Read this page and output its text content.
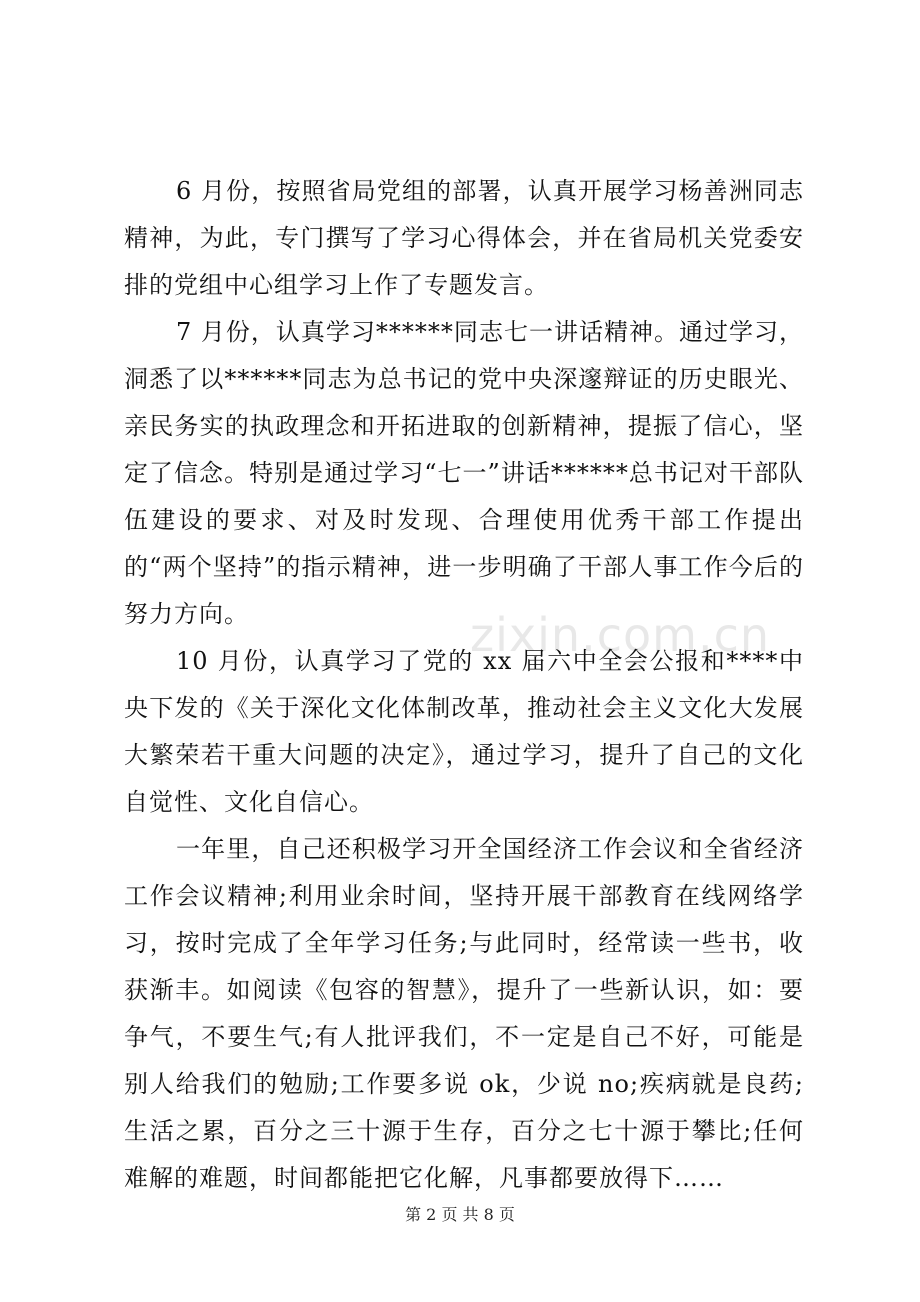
zixin.com.cn

6 月份，按照省局党组的部署，认真开展学习杨善洲同志精神，为此，专门撰写了学习心得体会，并在省局机关党委安排的党组中心组学习上作了专题发言。

7 月份，认真学习******同志七一讲话精神。通过学习，洞悉了以******同志为总书记的党中央深邃辩证的历史眼光、亲民务实的执政理念和开拓进取的创新精神，提振了信心，坚定了信念。特别是通过学习“七一”讲话******总书记对干部队伍建设的要求、对及时发现、合理使用优秀干部工作提出的“两个坚持”的指示精神，进一步明确了干部人事工作今后的努力方向。

10 月份，认真学习了党的 xx 届六中全会公报和****中央下发的《关于深化文化体制改革，推动社会主义文化大发展大繁荣若干重大问题的决定》，通过学习，提升了自己的文化自觉性、文化自信心。

一年里，自己还积极学习开全国经济工作会议和全省经济工作会议精神;利用业余时间，坚持开展干部教育在线网络学习，按时完成了全年学习任务;与此同时，经常读一些书，收获渐丰。如阅读《包容的智慧》，提升了一些新认识，如：要争气，不要生气;有人批评我们，不一定是自己不好，可能是别人给我们的勉励;工作要多说 ok，少说 no;疾病就是良药;生活之累，百分之三十源于生存，百分之七十源于攀比;任何难解的难题，时间都能把它化解，凡事都要放得下……

第 2 页 共 8 页
